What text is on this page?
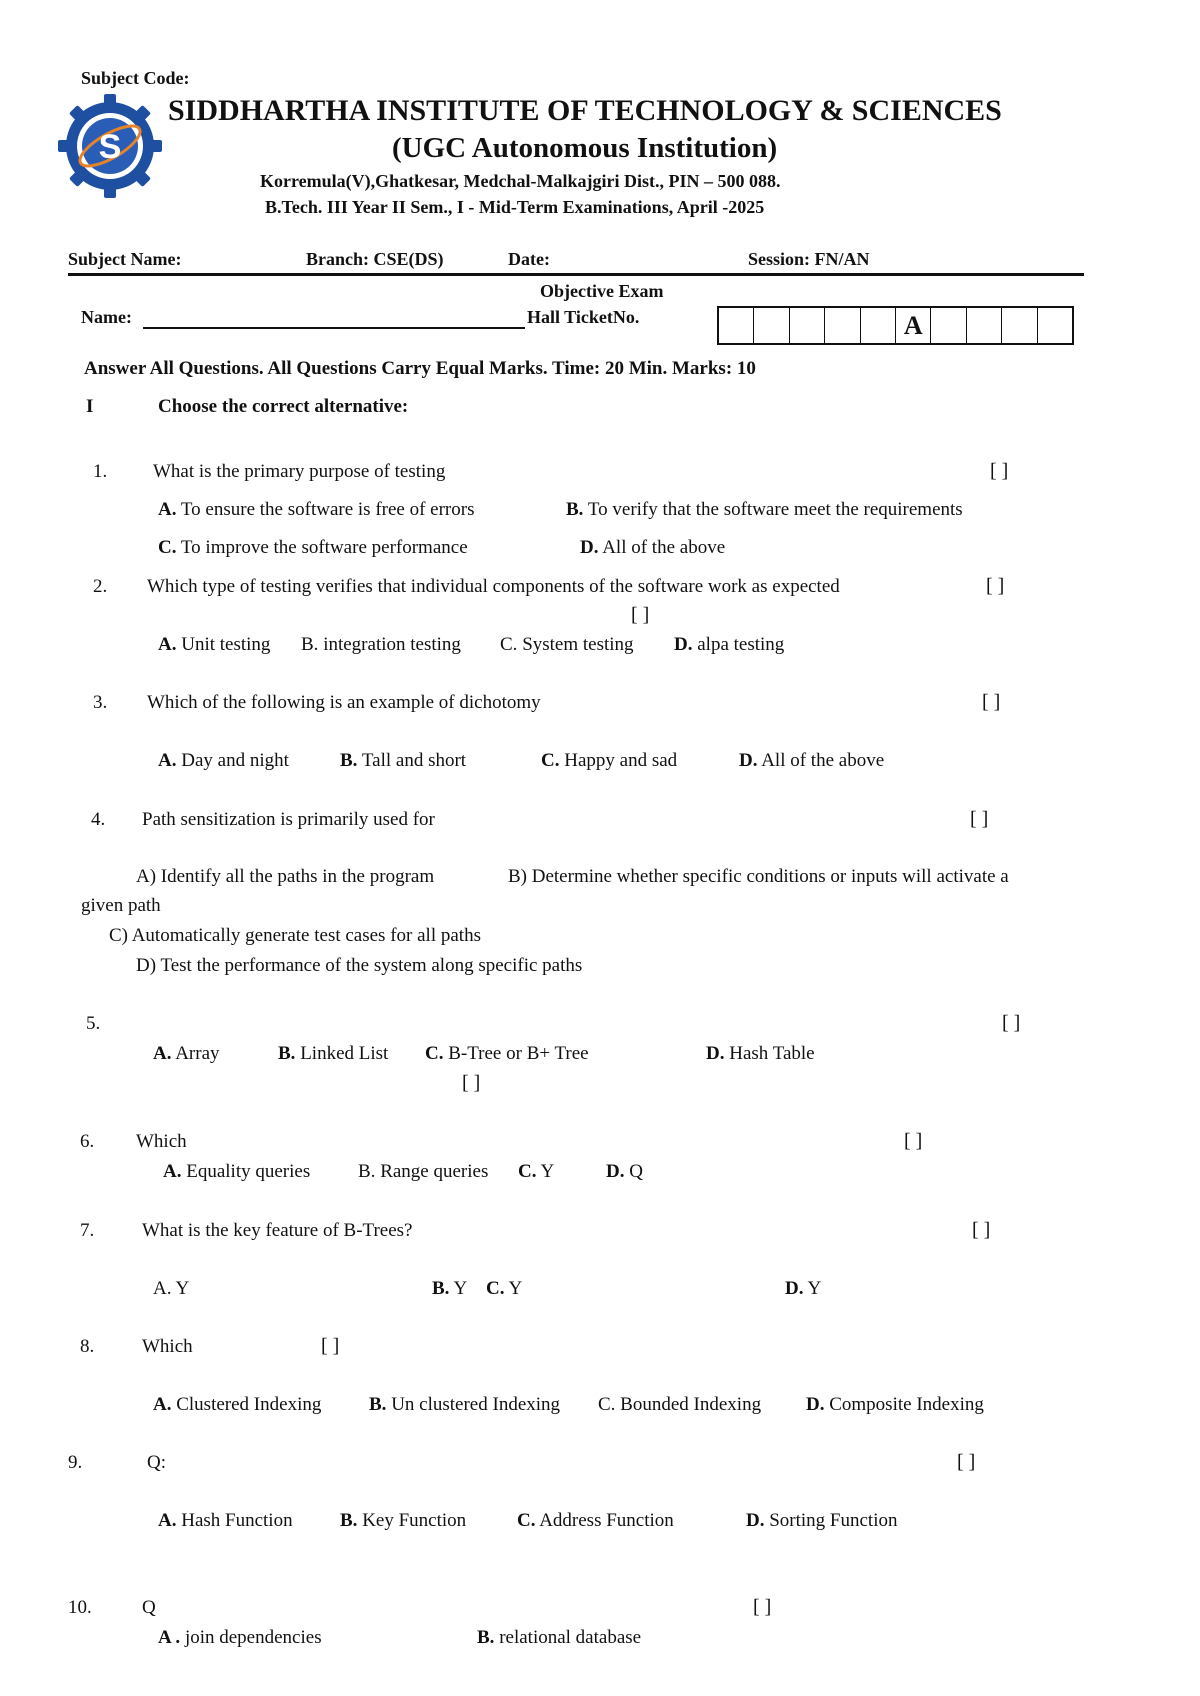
Subject Code:
S
SIDDHARTHA INSTITUTE OF TECHNOLOGY & SCIENCES
(UGC Autonomous Institution)
Korremula(V),Ghatkesar, Medchal-Malkajgiri Dist., PIN – 500 088.
B.Tech. III Year II Sem., I - Mid-Term Examinations, April -2025
Subject Name:	Branch: CSE(DS)	Date:	Session: FN/AN
Objective Exam
Name:	Hall TicketNo.	A
Answer All Questions. All Questions Carry Equal Marks. Time: 20 Min. Marks: 10
I	Choose the correct alternative:
1. What is the primary purpose of testing	[ ]
A. To ensure the software is free of errors	B. To verify that the software meet the requirements
C. To improve the software performance	D. All of the above
2. Which type of testing verifies that individual components of the software work as expected	[ ]
[ ]
A. Unit testing B. integration testing C. System testing D. alpa testing
3. Which of the following is an example of dichotomy	[ ]
A. Day and night	B. Tall and short	C. Happy and sad	D. All of the above
4. Path sensitization is primarily used for	[ ]
A) Identify all the paths in the program	B) Determine whether specific conditions or inputs will activate a
given path
C) Automatically generate test cases for all paths
D) Test the performance of the system along specific paths
5.	[ ]
A. Array	B. Linked List C. B-Tree or B+ Tree	D. Hash Table
[ ]
6. Which	[ ]
A. Equality queries	B. Range queries C. Y	D. Q
7.	What is the key feature of B-Trees?	[ ]
A. Y	B. Y C. Y	D. Y
8.	Which	[ ]
A. Clustered Indexing	B. Un clustered Indexing C. Bounded Indexing D. Composite Indexing
9.	Q:	[ ]
A. Hash Function B. Key Function	C. Address Function	D. Sorting Function
10.	Q	[ ]
A . join dependencies	B. relational database
